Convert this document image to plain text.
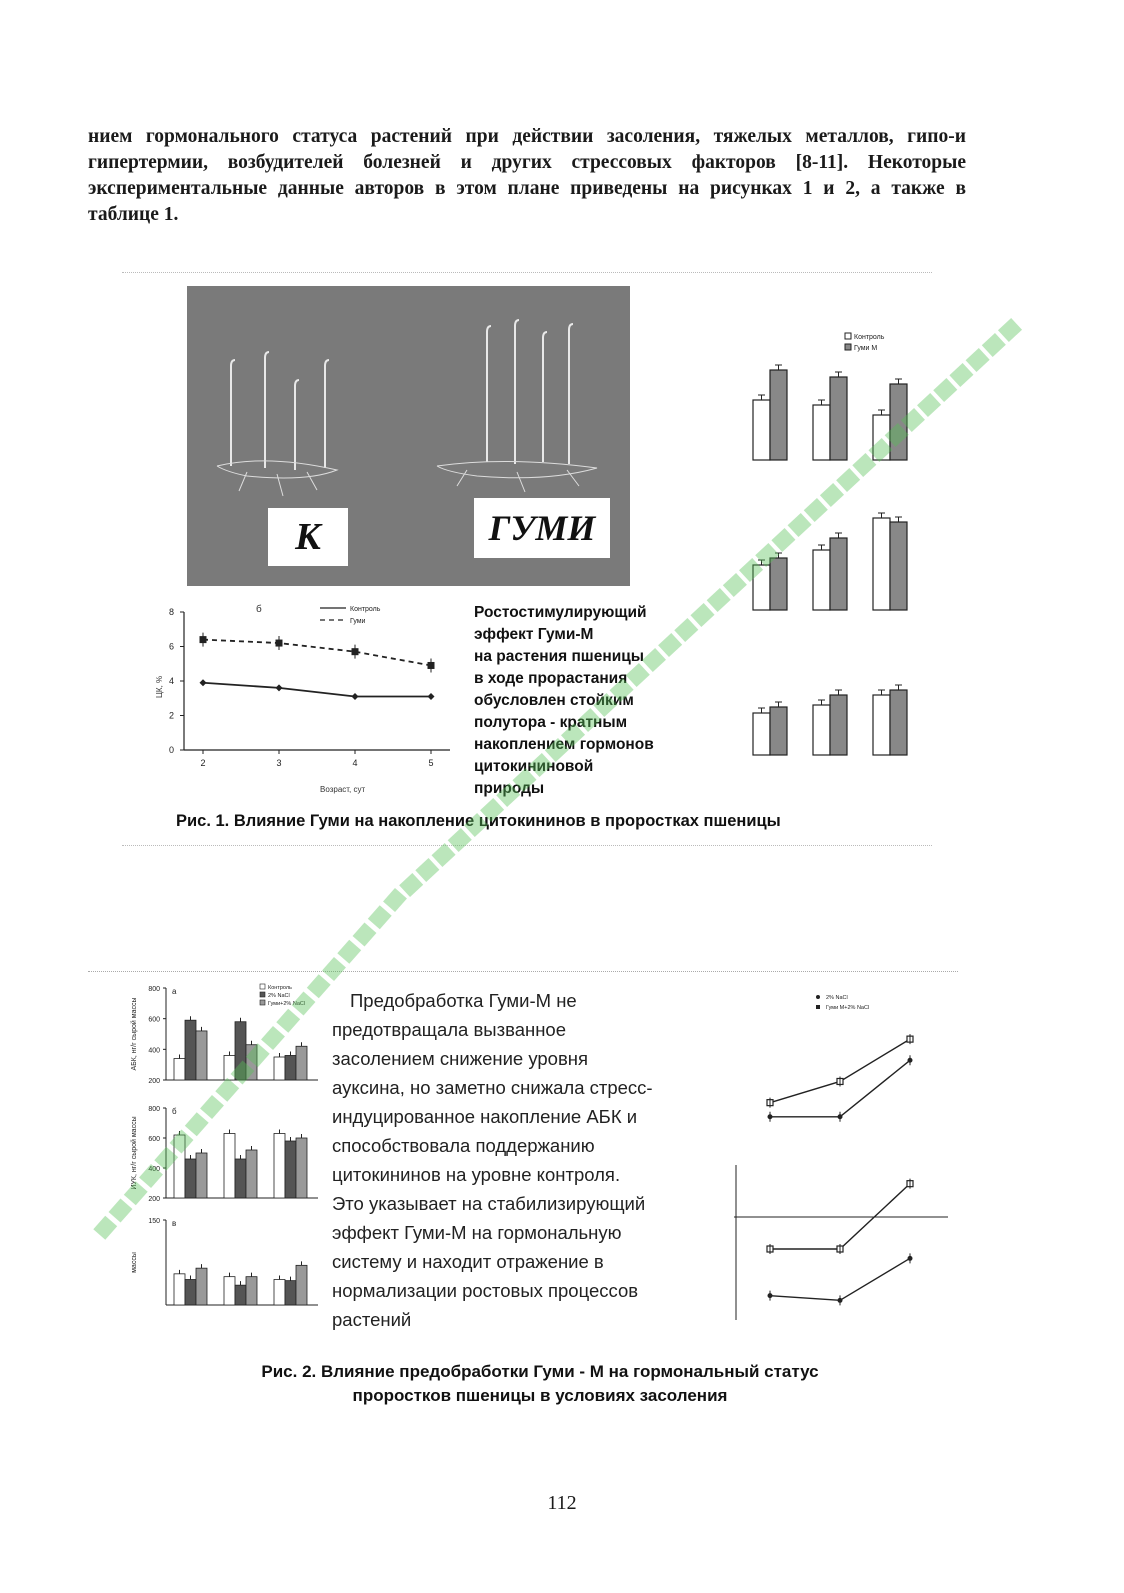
нием гормонального статуса растений при действии засоления, тяжелых металлов, гипо-и
гипертермии, возбудителей болезней и других стрессовых факторов [8-11]. Некоторые
экспериментальные данные авторов в этом плане приведены на рисунках 1 и 2, а также в
таблице 1.
К	ГУМИ
0
2
4
6
8
2	3	4	5
Возраст, сут
ЦК, %
б	Контроль
Гуми
Ростостимулирующий
эффект Гуми-М
на растения пшеницы
в ходе прорастания
обусловлен стойким
полутора - кратным
накоплением гормонов
цитокининовой
природы
Контроль
Гуми М
Рис. 1. Влияние Гуми на накопление цитокининов в проростках пшеницы
Контроль
2% NaCl
Гуми+2% NaCl
200
400
600
800 а
АБК, нг/г сырой массы
200
400
600
800 б
ИУК, нг/г сырой массы
150 в
массы
Предобработка Гуми-М не
предотвращала вызванное
засолением снижение уровня
ауксина, но заметно снижала стресс-
индуцированное накопление АБК и
способствовала поддержанию
цитокининов на уровне контроля.
Это указывает на стабилизирующий
эффект Гуми-М на гормональную
систему и находит отражение в
нормализации ростовых процессов
растений
2% NaCl
Гуми М+2% NaCl
Рис. 2. Влияние предобработки Гуми - М на гормональный статус
проростков пшеницы в условиях засоления
112
